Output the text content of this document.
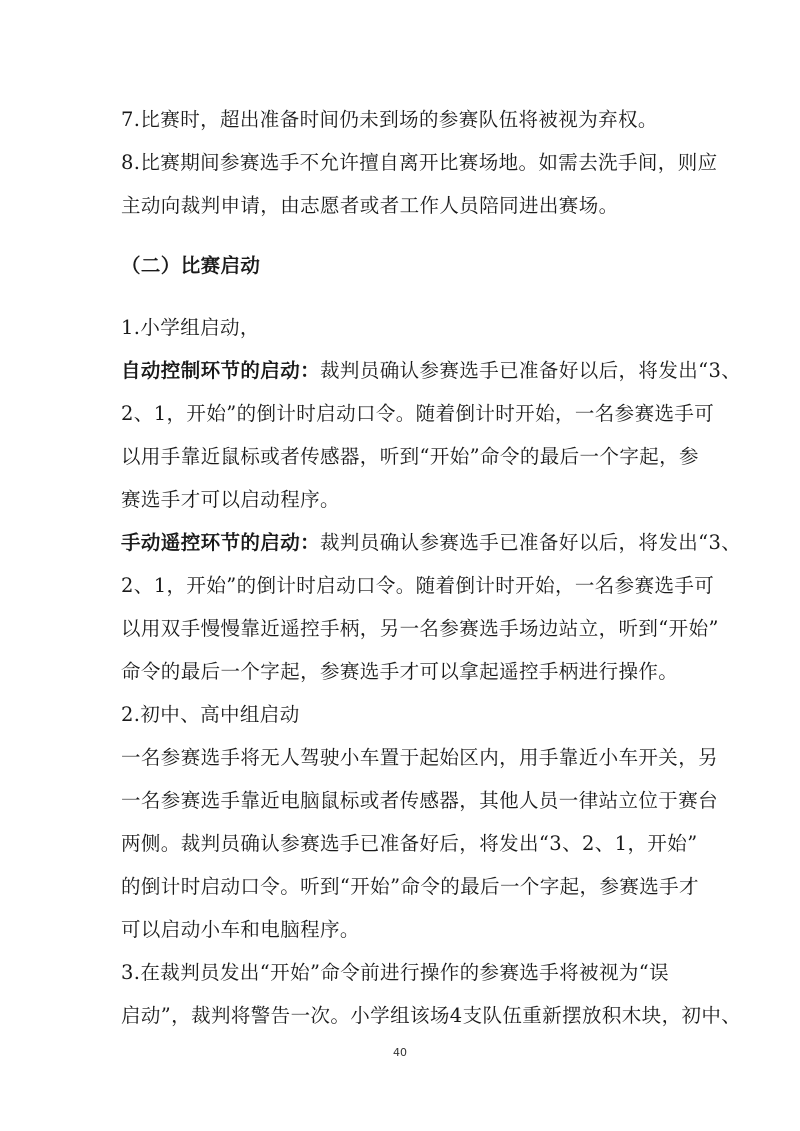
7.比赛时，超出准备时间仍未到场的参赛队伍将被视为弃权。
8.比赛期间参赛选手不允许擅自离开比赛场地。如需去洗手间，则应
主动向裁判申请，由志愿者或者工作人员陪同进出赛场。
（二）比赛启动
1.小学组启动，
自动控制环节的启动：裁判员确认参赛选手已准备好以后，将发出“3、
2、1，开始”的倒计时启动口令。随着倒计时开始，一名参赛选手可
以用手靠近鼠标或者传感器，听到“开始”命令的最后一个字起，参
赛选手才可以启动程序。
手动遥控环节的启动：裁判员确认参赛选手已准备好以后，将发出“3、
2、1，开始”的倒计时启动口令。随着倒计时开始，一名参赛选手可
以用双手慢慢靠近遥控手柄，另一名参赛选手场边站立，听到“开始”
命令的最后一个字起，参赛选手才可以拿起遥控手柄进行操作。
2.初中、高中组启动
一名参赛选手将无人驾驶小车置于起始区内，用手靠近小车开关，另
一名参赛选手靠近电脑鼠标或者传感器，其他人员一律站立位于赛台
两侧。裁判员确认参赛选手已准备好后，将发出“3、2、1，开始”
的倒计时启动口令。听到“开始”命令的最后一个字起，参赛选手才
可以启动小车和电脑程序。
3.在裁判员发出“开始”命令前进行操作的参赛选手将被视为“误
启动”，裁判将警告一次。小学组该场4支队伍重新摆放积木块，初中、
40
